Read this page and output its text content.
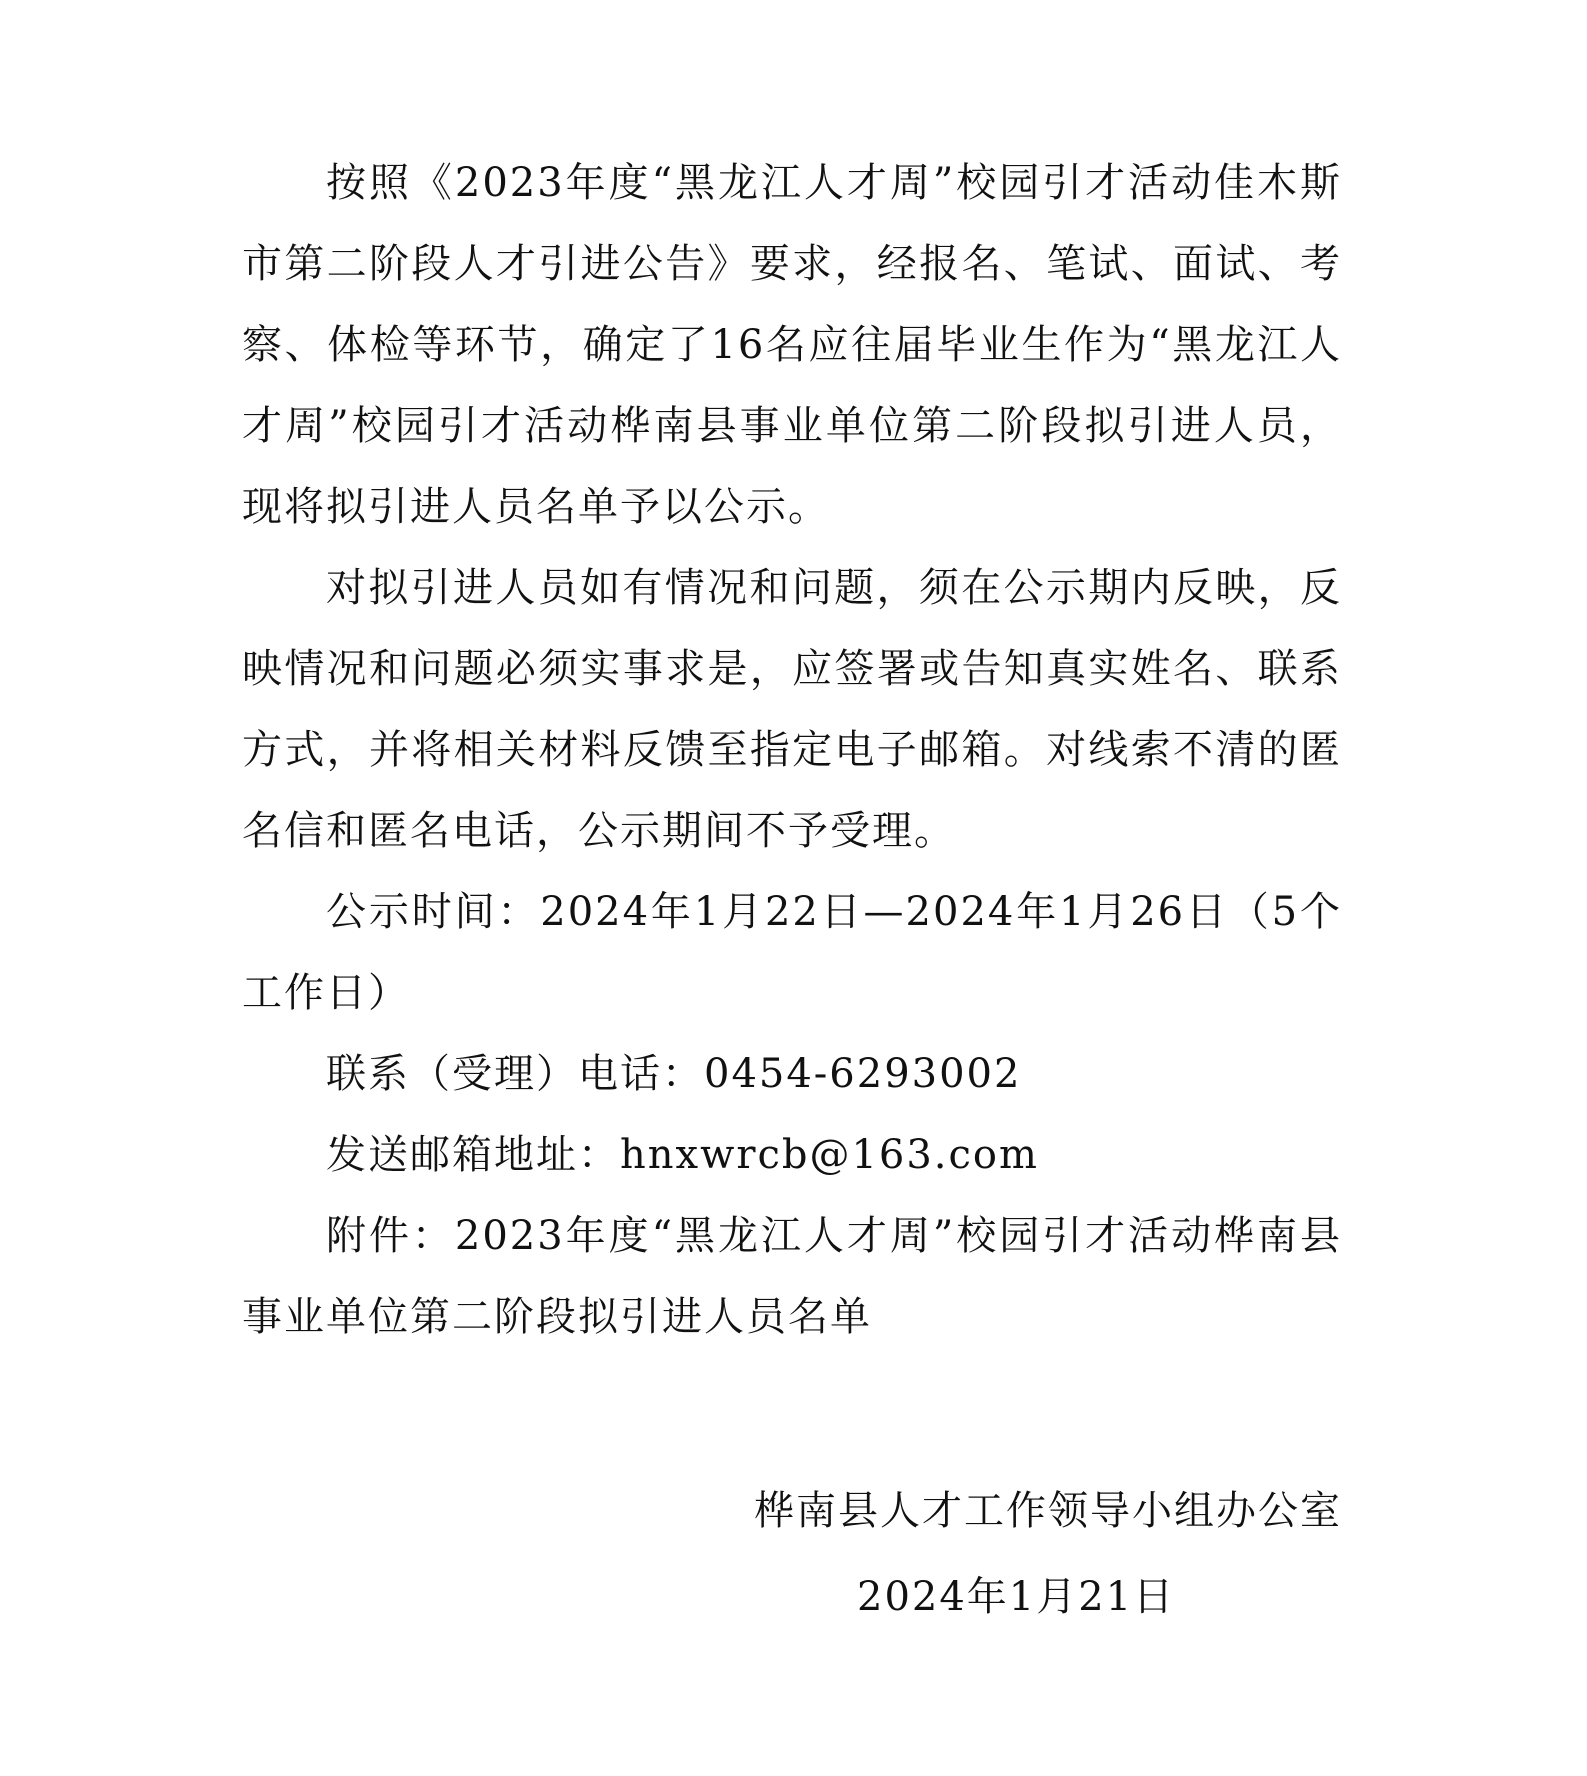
按照《2023年度“黑龙江人才周”校园引才活动佳木斯市第二阶段人才引进公告》要求，经报名、笔试、面试、考察、体检等环节，确定了16名应往届毕业生作为“黑龙江人才周”校园引才活动桦南县事业单位第二阶段拟引进人员，现将拟引进人员名单予以公示。

对拟引进人员如有情况和问题，须在公示期内反映，反映情况和问题必须实事求是，应签署或告知真实姓名、联系方式，并将相关材料反馈至指定电子邮箱。对线索不清的匿名信和匿名电话，公示期间不予受理。

公示时间：2024年1月22日—2024年1月26日（5个工作日）

联系（受理）电话：0454-6293002

发送邮箱地址：hnxwrcb@163.com

附件：2023年度“黑龙江人才周”校园引才活动桦南县事业单位第二阶段拟引进人员名单

桦南县人才工作领导小组办公室
2024年1月21日
